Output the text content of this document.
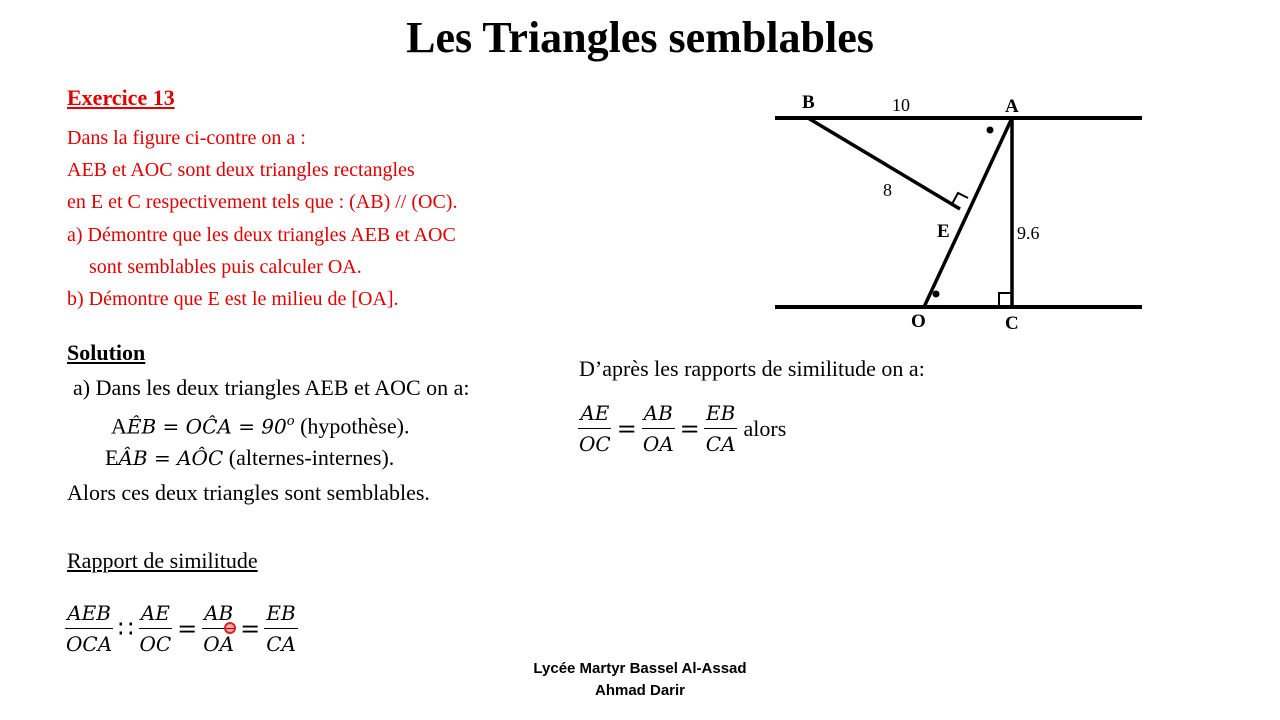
Les Triangles semblables
Exercice 13
Dans la figure ci-contre on a :
AEB et AOC sont deux triangles rectangles
en E et C respectivement tels que : (AB) // (OC).
a) Démontre que les deux triangles AEB et AOC
sont semblables puis calculer OA.
b) Démontre que E est le milieu de [OA].
B	A
E
O	C
10
8
9.6
Solution
a) Dans les deux triangles AEB et AOC on a:
AEB = OCA = $90^o$ (hypothèse).
EAB = AOC (alternes-internes).
Alors ces deux triangles sont semblables.
Rapport de similitude
$\frac{\text{AEB}}{\text{OCA}}$ ∷ $\frac{AE}{OC} = \frac{AB}{OA} = \frac{EB}{CA}$
D’après les rapports de similitude on a:
$\frac{AE}{OC} = \frac{AB}{OA} = \frac{EB}{CA}$ alors
Lycée Martyr Bassel Al-Assad
Ahmad Darir
